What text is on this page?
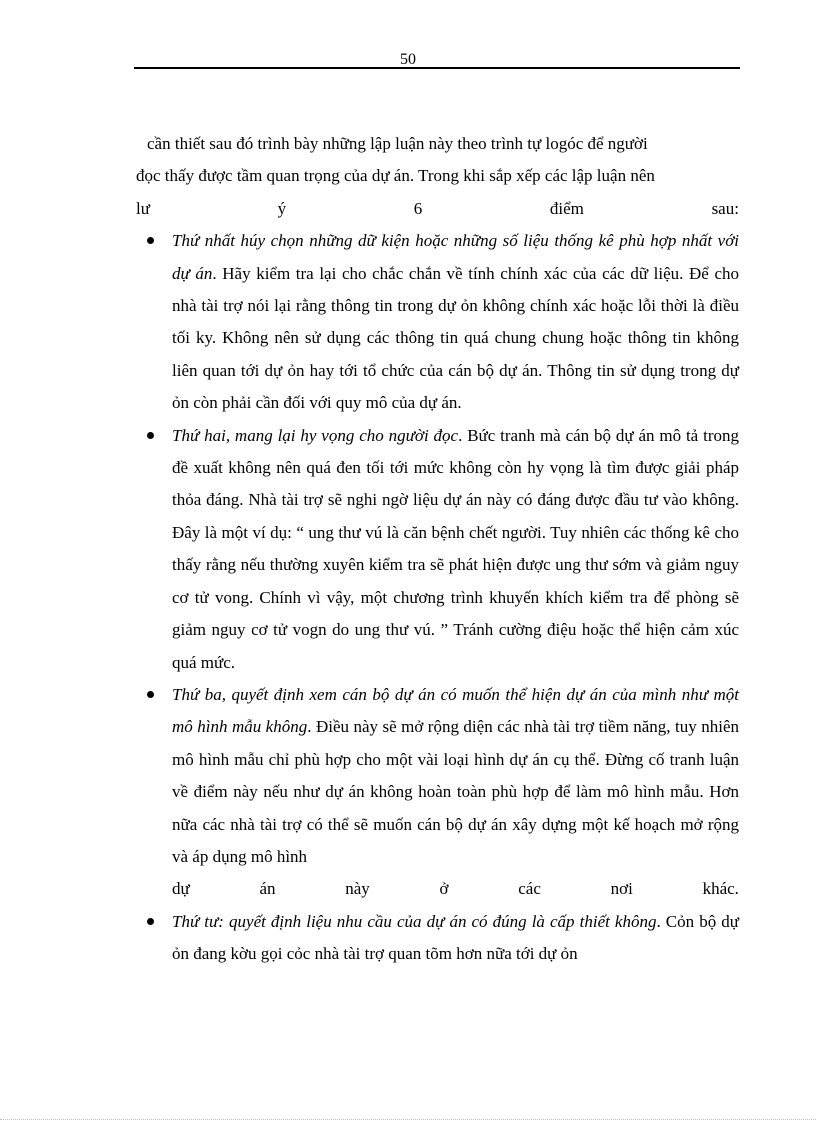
50

cần thiết sau đó trình bày những lập luận này theo trình tự logóc để người
đọc thấy được tầm quan trọng của dự án. Trong khi sắp xếp các lập luận nên

lư	ý	6	điểm	sau:
Thứ nhất húy chọn những dữ kiện hoặc những số liệu thống kê phù hợp nhất với dự án. Hãy kiểm tra lại cho chắc chắn về tính chính xác của các dữ liệu. Để cho nhà tài trợ nói lại rằng thông tin trong dự ỏn không chính xác hoặc lỗi thời là điều tối ky. Không nên sử dụng các thông tin quá chung chung hoặc thông tin không liên quan tới dự ỏn hay tới tổ chức của cán bộ dự án. Thông tin sử dụng trong dự ỏn còn phải cần đối với quy mô của dự án.
Thứ hai, mang lại hy vọng cho người đọc. Bức tranh mà cán bộ dự án mô tả trong đề xuất không nên quá đen tối tới mức không còn hy vọng là tìm được giải pháp thỏa đáng. Nhà tài trợ sẽ nghi ngờ liệu dự án này có đáng được đầu tư vào không. Đây là một ví dụ: “ ung thư vú là căn bệnh chết người. Tuy nhiên các thống kê cho thấy rằng nếu thường xuyên kiểm tra sẽ phát hiện được ung thư sớm và giảm nguy cơ tử vong. Chính vì vậy, một chương trình khuyến khích kiểm tra để phòng sẽ giảm nguy cơ tử vogn do ung thư vú. ” Tránh cường điệu hoặc thể hiện cảm xúc quá mức.
Thứ ba, quyết định xem cán bộ dự án có muốn thể hiện dự án của mình như một mô hình mẫu không. Điều này sẽ mở rộng diện các nhà tài trợ tiềm năng, tuy nhiên mô hình mẫu chỉ phù hợp cho một vài loại hình dự án cụ thể. Đừng cố tranh luận về điểm này nếu như dự án không hoàn toàn phù hợp để làm mô hình mẫu. Hơn nữa các nhà tài trợ có thể sẽ muốn cán bộ dự án xây dựng một kế hoạch mở rộng và áp dụng mô hình
dự	án	này	ở	các	nơi	khác.
Thứ tư: quyết định liệu nhu cầu của dự án có đúng là cấp thiết không. Cỏn bộ dự ỏn đang kờu gọi cỏc nhà tài trợ quan tõm hơn nữa tới dự ỏn
